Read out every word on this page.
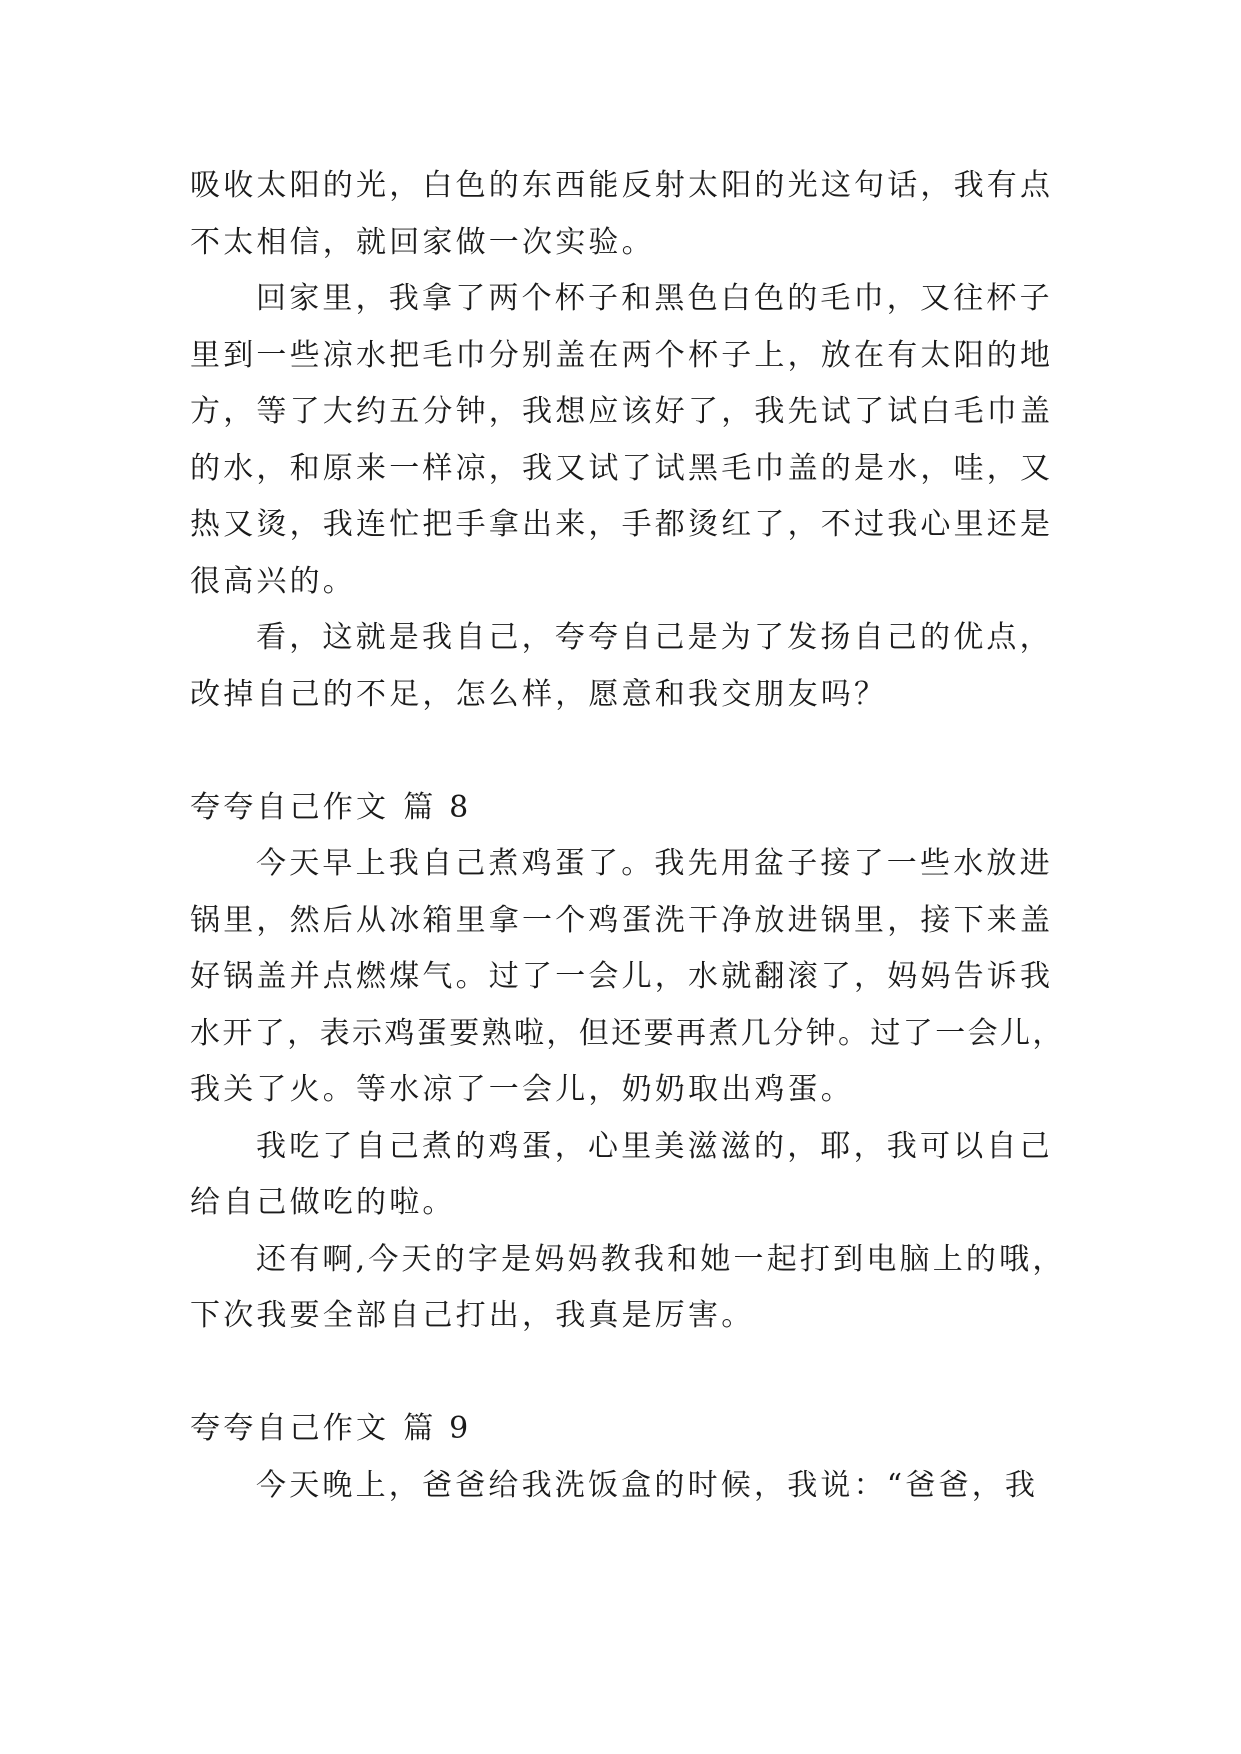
吸收太阳的光，白色的东西能反射太阳的光这句话，我有点
不太相信，就回家做一次实验。
回家里，我拿了两个杯子和黑色白色的毛巾，又往杯子
里到一些凉水把毛巾分别盖在两个杯子上，放在有太阳的地
方，等了大约五分钟，我想应该好了，我先试了试白毛巾盖
的水，和原来一样凉，我又试了试黑毛巾盖的是水，哇，又
热又烫，我连忙把手拿出来，手都烫红了，不过我心里还是
很高兴的。
看，这就是我自己，夸夸自己是为了发扬自己的优点，
改掉自己的不足，怎么样，愿意和我交朋友吗？
夸夸自己作文 篇 8
今天早上我自己煮鸡蛋了。我先用盆子接了一些水放进
锅里，然后从冰箱里拿一个鸡蛋洗干净放进锅里，接下来盖
好锅盖并点燃煤气。过了一会儿，水就翻滚了，妈妈告诉我
水开了，表示鸡蛋要熟啦，但还要再煮几分钟。过了一会儿，
我关了火。等水凉了一会儿，奶奶取出鸡蛋。
我吃了自己煮的鸡蛋，心里美滋滋的，耶，我可以自己
给自己做吃的啦。
还有啊,今天的字是妈妈教我和她一起打到电脑上的哦，
下次我要全部自己打出，我真是厉害。
夸夸自己作文 篇 9
今天晚上，爸爸给我洗饭盒的时候，我说：“爸爸，我
